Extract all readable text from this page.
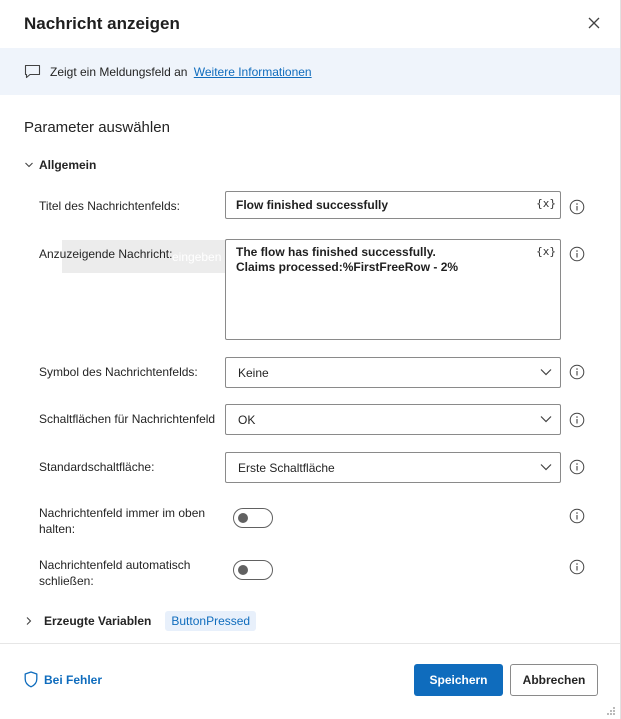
Nachricht anzeigen
Zeigt ein Meldungsfeld an Weitere Informationen
Parameter auswählen
Allgemein
Titel des Nachrichtenfelds:	Flow finished successfully	{x}
eingeben
Anzuzeigende Nachricht:	The flow has finished successfully.
Claims processed:%FirstFreeRow - 2%
{x}
Symbol des Nachrichtenfelds:	Keine
Schaltflächen für Nachrichtenfeld OK
Standardschaltfläche:	Erste Schaltfläche
Nachrichtenfeld immer im oben halten:
Nachrichtenfeld automatisch schließen:
Erzeugte Variablen	ButtonPressed
Bei Fehler	Speichern	Abbrechen
